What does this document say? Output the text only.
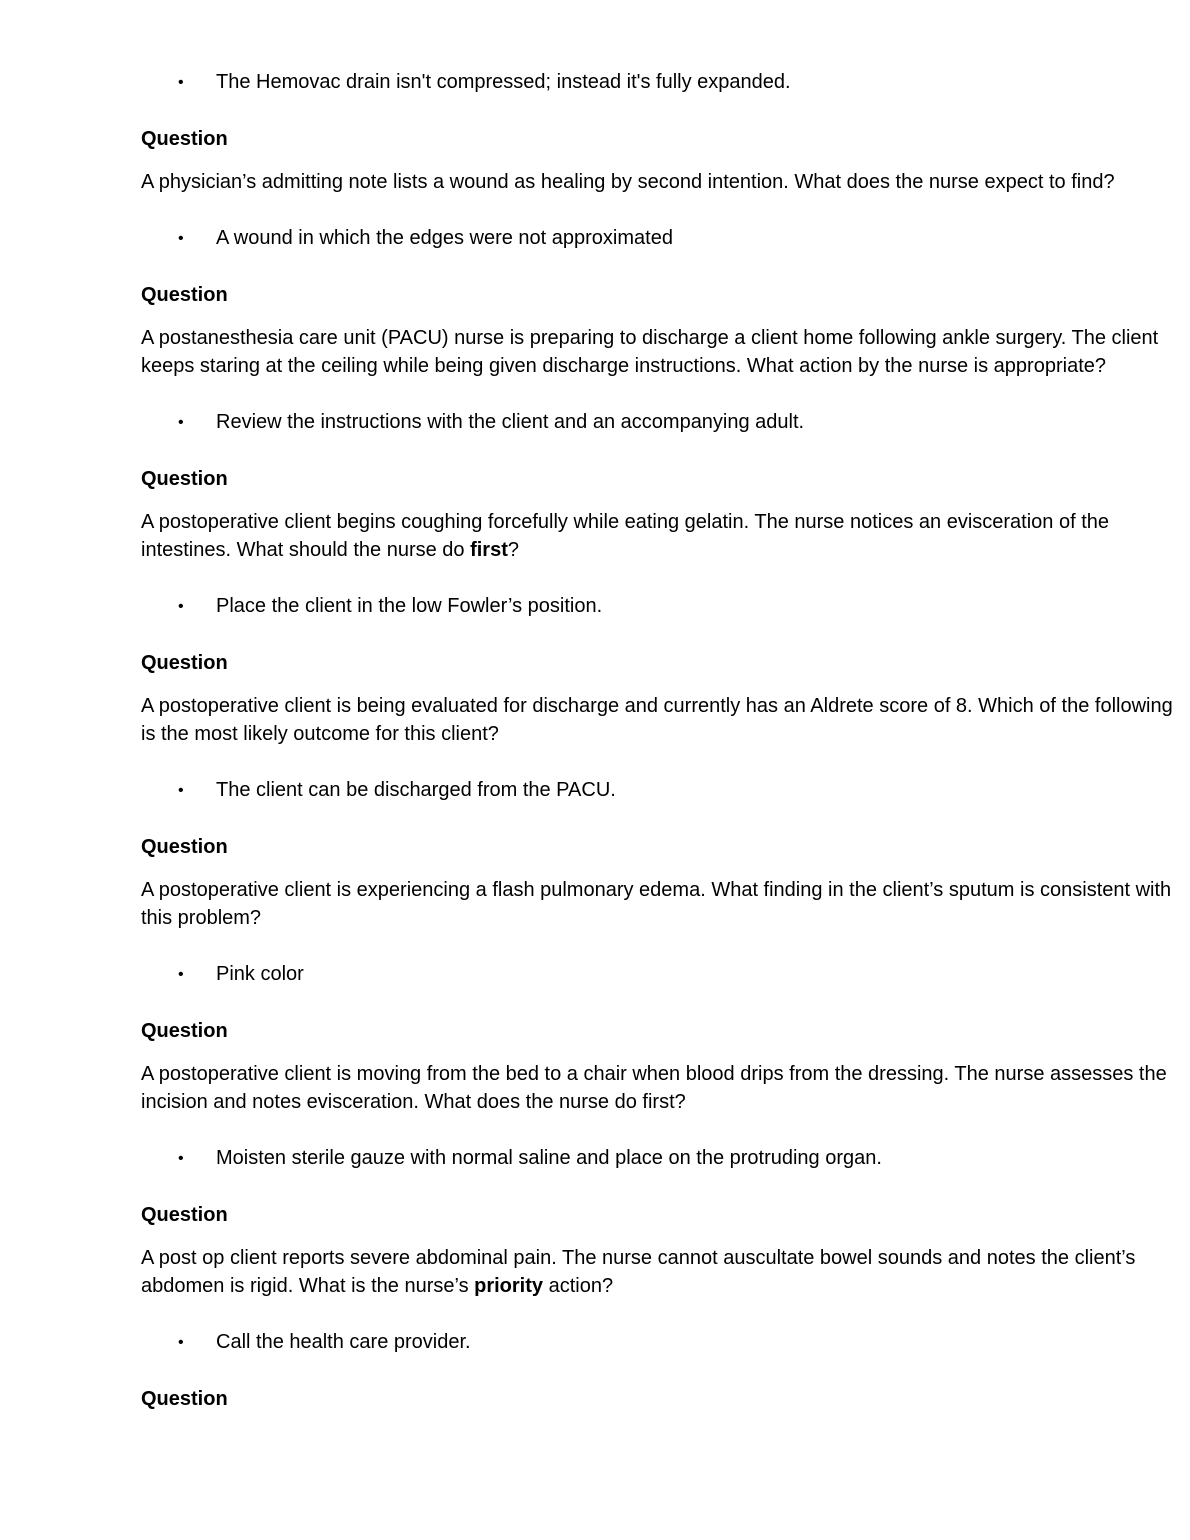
• The Hemovac drain isn't compressed; instead it's fully expanded.
Question
A physician’s admitting note lists a wound as healing by second intention. What does the nurse expect to find?
• A wound in which the edges were not approximated
Question
A postanesthesia care unit (PACU) nurse is preparing to discharge a client home following ankle surgery. The client keeps staring at the ceiling while being given discharge instructions. What action by the nurse is appropriate?
• Review the instructions with the client and an accompanying adult.
Question
A postoperative client begins coughing forcefully while eating gelatin. The nurse notices an evisceration of the intestines. What should the nurse do first?
• Place the client in the low Fowler’s position.
Question
A postoperative client is being evaluated for discharge and currently has an Aldrete score of 8. Which of the following is the most likely outcome for this client?
• The client can be discharged from the PACU.
Question
A postoperative client is experiencing a flash pulmonary edema. What finding in the client’s sputum is consistent with this problem?
• Pink color
Question
A postoperative client is moving from the bed to a chair when blood drips from the dressing. The nurse assesses the incision and notes evisceration. What does the nurse do first?
• Moisten sterile gauze with normal saline and place on the protruding organ.
Question
A post op client reports severe abdominal pain. The nurse cannot auscultate bowel sounds and notes the client’s abdomen is rigid. What is the nurse’s priority action?
• Call the health care provider.
Question
